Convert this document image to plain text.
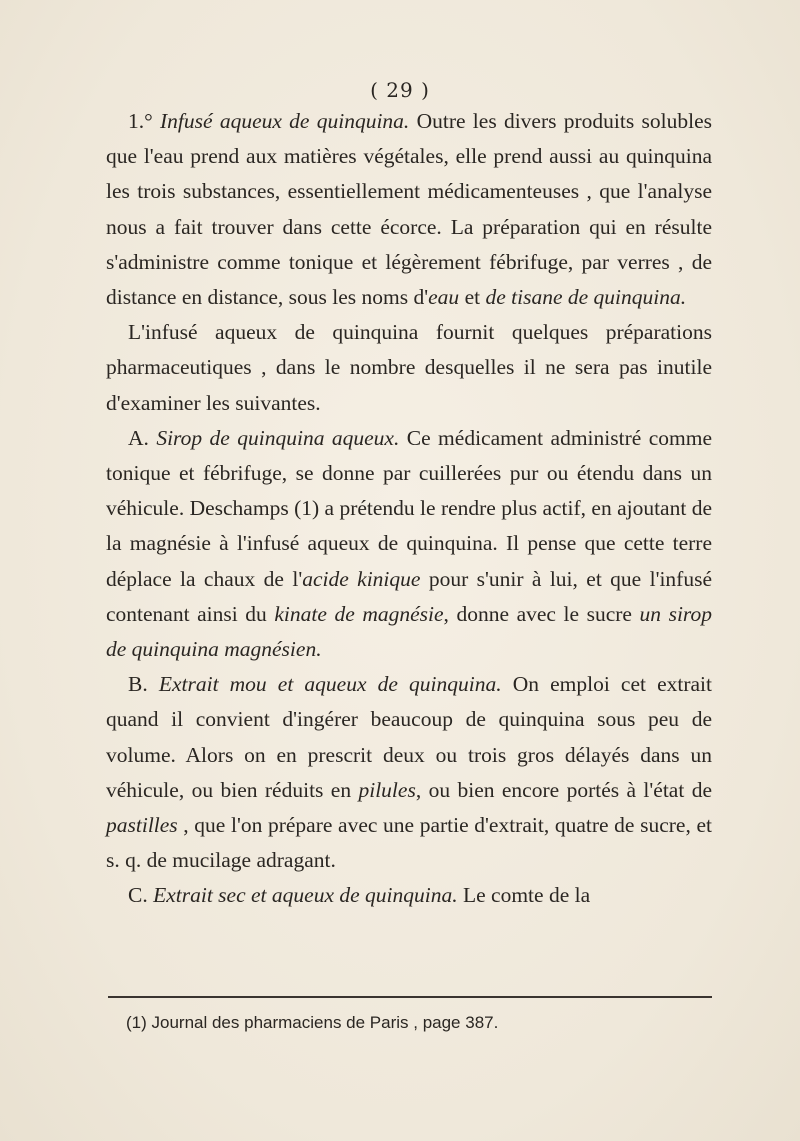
( 29 )

1.° Infusé aqueux de quinquina. Outre les divers produits solubles que l'eau prend aux matières végétales, elle prend aussi au quinquina les trois substances, essentiellement médicamenteuses , que l'analyse nous a fait trouver dans cette écorce. La préparation qui en résulte s'administre comme tonique et légèrement fébrifuge, par verres , de distance en distance, sous les noms d'eau et de tisane de quinquina.

L'infusé aqueux de quinquina fournit quelques préparations pharmaceutiques , dans le nombre desquelles il ne sera pas inutile d'examiner les suivantes.

A. Sirop de quinquina aqueux. Ce médicament administré comme tonique et fébrifuge, se donne par cuillerées pur ou étendu dans un véhicule. Deschamps (1) a prétendu le rendre plus actif, en ajoutant de la magnésie à l'infusé aqueux de quinquina. Il pense que cette terre déplace la chaux de l'acide kinique pour s'unir à lui, et que l'infusé contenant ainsi du kinate de magnésie, donne avec le sucre un sirop de quinquina magnésien.

B. Extrait mou et aqueux de quinquina. On emploi cet extrait quand il convient d'ingérer beaucoup de quinquina sous peu de volume. Alors on en prescrit deux ou trois gros délayés dans un véhicule, ou bien réduits en pilules, ou bien encore portés à l'état de pastilles , que l'on prépare avec une partie d'extrait, quatre de sucre, et s. q. de mucilage adragant.

C. Extrait sec et aqueux de quinquina. Le comte de la

(1) Journal des pharmaciens de Paris , page 387.
